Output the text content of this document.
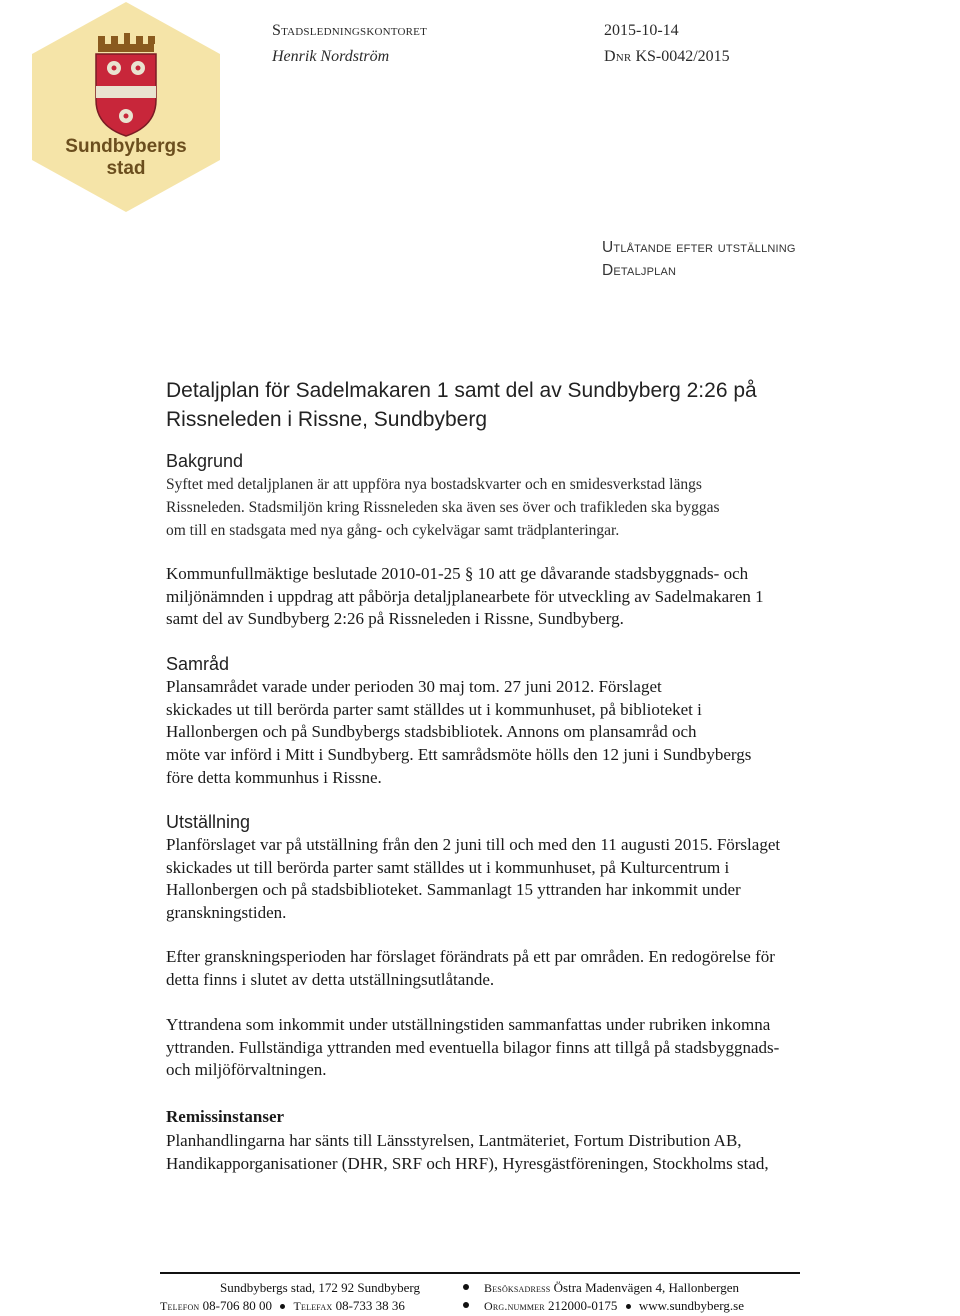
Sundbybergs
stad
Stadsledningskontoret	2015-10-14
Henrik Nordström	Dnr KS-0042/2015
Utlåtande efter utställning
Detaljplan
Detaljplan för Sadelmakaren 1 samt del av Sundbyberg 2:26 på Rissneleden i Rissne, Sundbyberg
Bakgrund
Syftet med detaljplanen är att uppföra nya bostadskvarter och en smidesverkstad längs
Rissneleden. Stadsmiljön kring Rissneleden ska även ses över och trafikleden ska byggas
om till en stadsgata med nya gång- och cykelvägar samt trädplanteringar.
Kommunfullmäktige beslutade 2010-01-25 § 10 att ge dåvarande stadsbyggnads- och
miljönämnden i uppdrag att påbörja detaljplanearbete för utveckling av Sadelmakaren 1
samt del av Sundbyberg 2:26 på Rissneleden i Rissne, Sundbyberg.
Samråd
Plansamrådet varade under perioden 30 maj tom. 27 juni 2012. Förslaget
skickades ut till berörda parter samt ställdes ut i kommunhuset, på biblioteket i
Hallonbergen och på Sundbybergs stadsbibliotek. Annons om plansamråd och
möte var införd i Mitt i Sundbyberg. Ett samrådsmöte hölls den 12 juni i Sundbybergs
före detta kommunhus i Rissne.
Utställning
Planförslaget var på utställning från den 2 juni till och med den 11 augusti 2015. Förslaget
skickades ut till berörda parter samt ställdes ut i kommunhuset, på Kulturcentrum i
Hallonbergen och på stadsbiblioteket. Sammanlagt 15 yttranden har inkommit under
granskningstiden.
Efter granskningsperioden har förslaget förändrats på ett par områden. En redogörelse för
detta finns i slutet av detta utställningsutlåtande.
Yttrandena som inkommit under utställningstiden sammanfattas under rubriken inkomna
yttranden. Fullständiga yttranden med eventuella bilagor finns att tillgå på stadsbyggnads-
och miljöförvaltningen.
Remissinstanser
Planhandlingarna har sänts till Länsstyrelsen, Lantmäteriet, Fortum Distribution AB,
Handikapporganisationer (DHR, SRF och HRF), Hyresgästföreningen, Stockholms stad,
Sundbybergs stad, 172 92 Sundbyberg	Besöksadress Östra Madenvägen 4, Hallonbergen
Telefon 08-706 80 00 Telefax 08-733 38 36	Org.nummer 212000-0175 www.sundbyberg.se
